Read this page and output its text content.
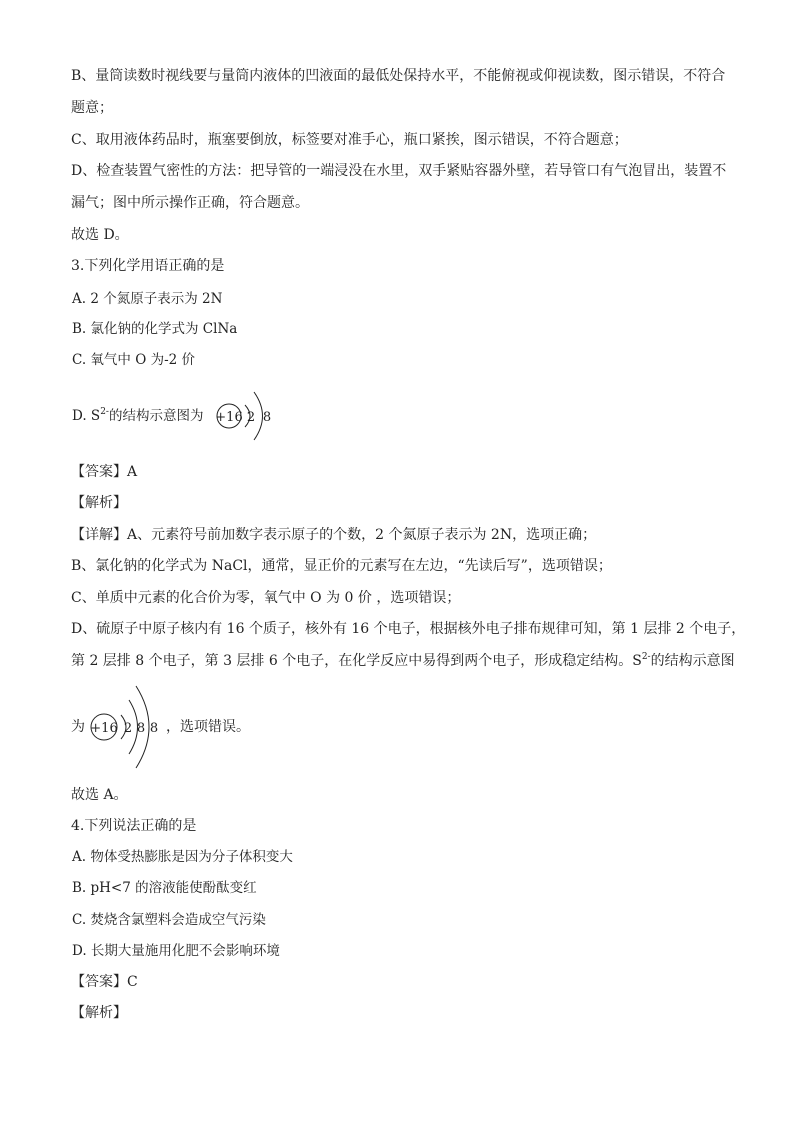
B、量筒读数时视线要与量筒内液体的凹液面的最低处保持水平，不能俯视或仰视读数，图示错误，不符合
题意；
C、取用液体药品时，瓶塞要倒放，标签要对准手心，瓶口紧挨，图示错误，不符合题意；
D、检查装置气密性的方法：把导管的一端浸没在水里，双手紧贴容器外壁，若导管口有气泡冒出，装置不
漏气；图中所示操作正确，符合题意。
故选 D。
3.下列化学用语正确的是
A. 2 个氮原子表示为 2N
B. 氯化钠的化学式为 ClNa
C. 氧气中 O 为-2 价
D. $S^{2-}$的结构示意图为 +16 2 8
【答案】A
【解析】
【详解】A、元素符号前加数字表示原子的个数，2 个氮原子表示为 2N，选项正确；
B、氯化钠的化学式为 NaCl，通常，显正价的元素写在左边，“先读后写”，选项错误；
C、单质中元素的化合价为零，氧气中 O 为 0 价 ，选项错误；
D、硫原子中原子核内有 16 个质子，核外有 16 个电子，根据核外电子排布规律可知，第 1 层排 2 个电子，
第 2 层排 8 个电子，第 3 层排 6 个电子，在化学反应中易得到两个电子，形成稳定结构。$S^{2-}$的结构示意图
为 +16 2 8 8 ，选项错误。
故选 A。
4.下列说法正确的是
A. 物体受热膨胀是因为分子体积变大
B. pH<7 的溶液能使酚酞变红
C. 焚烧含氯塑料会造成空气污染
D. 长期大量施用化肥不会影响环境
【答案】C
【解析】
